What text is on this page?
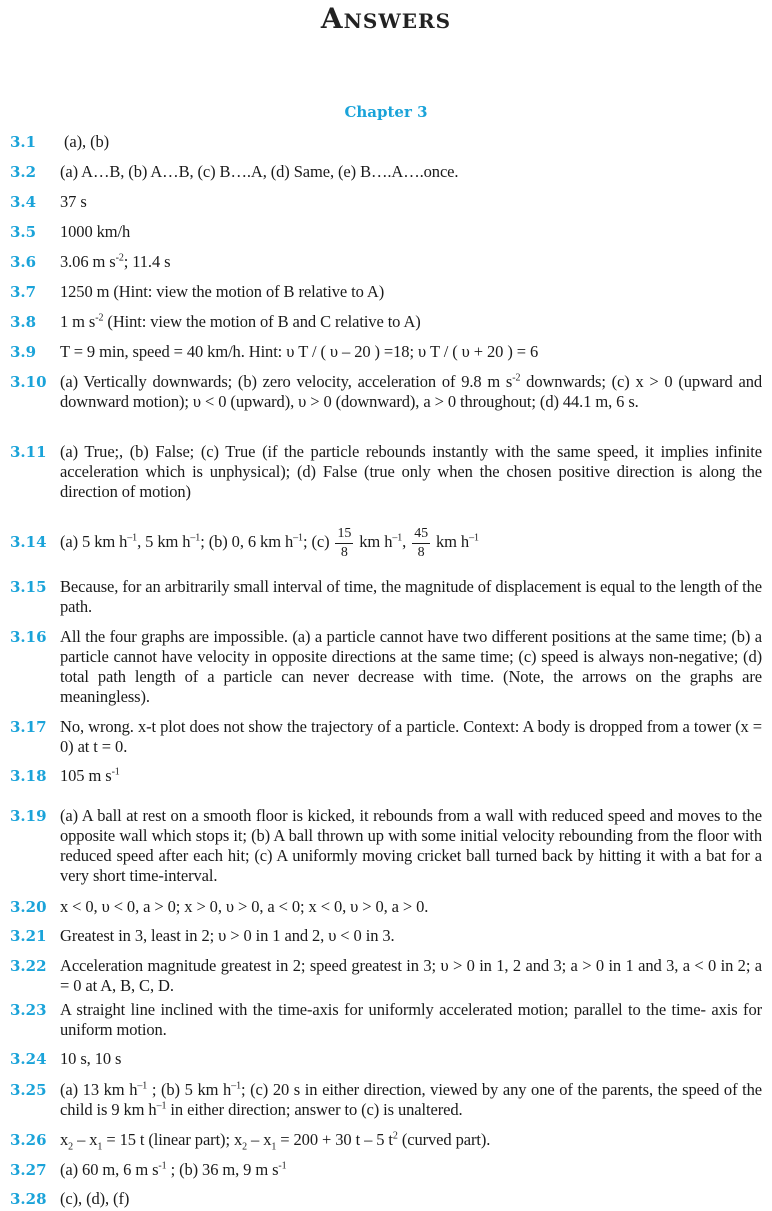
Answers
Chapter 3
3.1	(a), (b)
3.2	(a) A…B, (b) A…B, (c) B….A, (d) Same, (e) B….A….once.
3.4	37 s
3.5	1000 km/h
3.6	3.06 m $s^{-2}$; 11.4 s
3.7	1250 m (Hint: view the motion of B relative to A)
3.8	1 m $s^{-2}$ (Hint: view the motion of B and C relative to A)
3.9	T = 9 min, speed = 40 km/h. Hint: υ T / ( υ – 20 ) =18; υ T / ( υ + 20 ) = 6
3.10 (a) Vertically downwards; (b) zero velocity, acceleration of 9.8 m $s^{-2}$ downwards; (c) x > 0 (upward and downward motion); υ < 0 (upward), υ > 0 (downward), a > 0 throughout; (d) 44.1 m, 6 s.
3.11 (a) True;, (b) False; (c) True (if the particle rebounds instantly with the same speed, it implies infinite acceleration which is unphysical); (d) False (true only when the chosen positive direction is along the direction of motion)
3.14 (a) 5 km $h^{-1}$, 5 km $h^{-1}$; (b) 0, 6 km $h^{-1}$; $(c) \frac{15}{8}$ km $h^{-1}$, $\frac{45}{8}$ km $h^{-1}$
3.15 Because, for an arbitrarily small interval of time, the magnitude of displacement is equal to the length of the path.
3.16 All the four graphs are impossible. (a) a particle cannot have two different positions at the same time; (b) a particle cannot have velocity in opposite directions at the same time; (c) speed is always non-negative; (d) total path length of a particle can never decrease with time. (Note, the arrows on the graphs are meaningless).
3.17 No, wrong. x-t plot does not show the trajectory of a particle. Context: A body is dropped from a tower (x = 0) at t = 0.
3.18 105 m $s^{-1}$
3.19 (a) A ball at rest on a smooth floor is kicked, it rebounds from a wall with reduced speed and moves to the opposite wall which stops it; (b) A ball thrown up with some initial velocity rebounding from the floor with reduced speed after each hit; (c) A uniformly moving cricket ball turned back by hitting it with a bat for a very short time-interval.
3.20 x < 0, υ < 0, a > 0; x > 0, υ > 0, a < 0; x < 0, υ > 0, a > 0.
3.21 Greatest in 3, least in 2; υ > 0 in 1 and 2, υ < 0 in 3.
3.22 Acceleration magnitude greatest in 2; speed greatest in 3; υ > 0 in 1, 2 and 3; a > 0 in 1 and 3, a < 0 in 2; a = 0 at A, B, C, D.
3.23 A straight line inclined with the time-axis for uniformly accelerated motion; parallel to the time- axis for uniform motion.
3.24 10 s, 10 s
3.25 (a) 13 km $h^{-1}$ ; (b) 5 km $h^{-1}$; (c) 20 s in either direction, viewed by any one of the parents, the speed of the child is 9 km $h^{-1}$ in either direction; answer to (c) is unaltered.
3.26 $x_2 - x_1 = 15$ t (linear part); $x_2 - x_1 = 200 + 30$ t – 5 $t^2$ (curved part).
3.27 (a) 60 m, 6 m $s^{-1}$ ; (b) 36 m, 9 m $s^{-1}$
3.28 (c), (d), (f)
